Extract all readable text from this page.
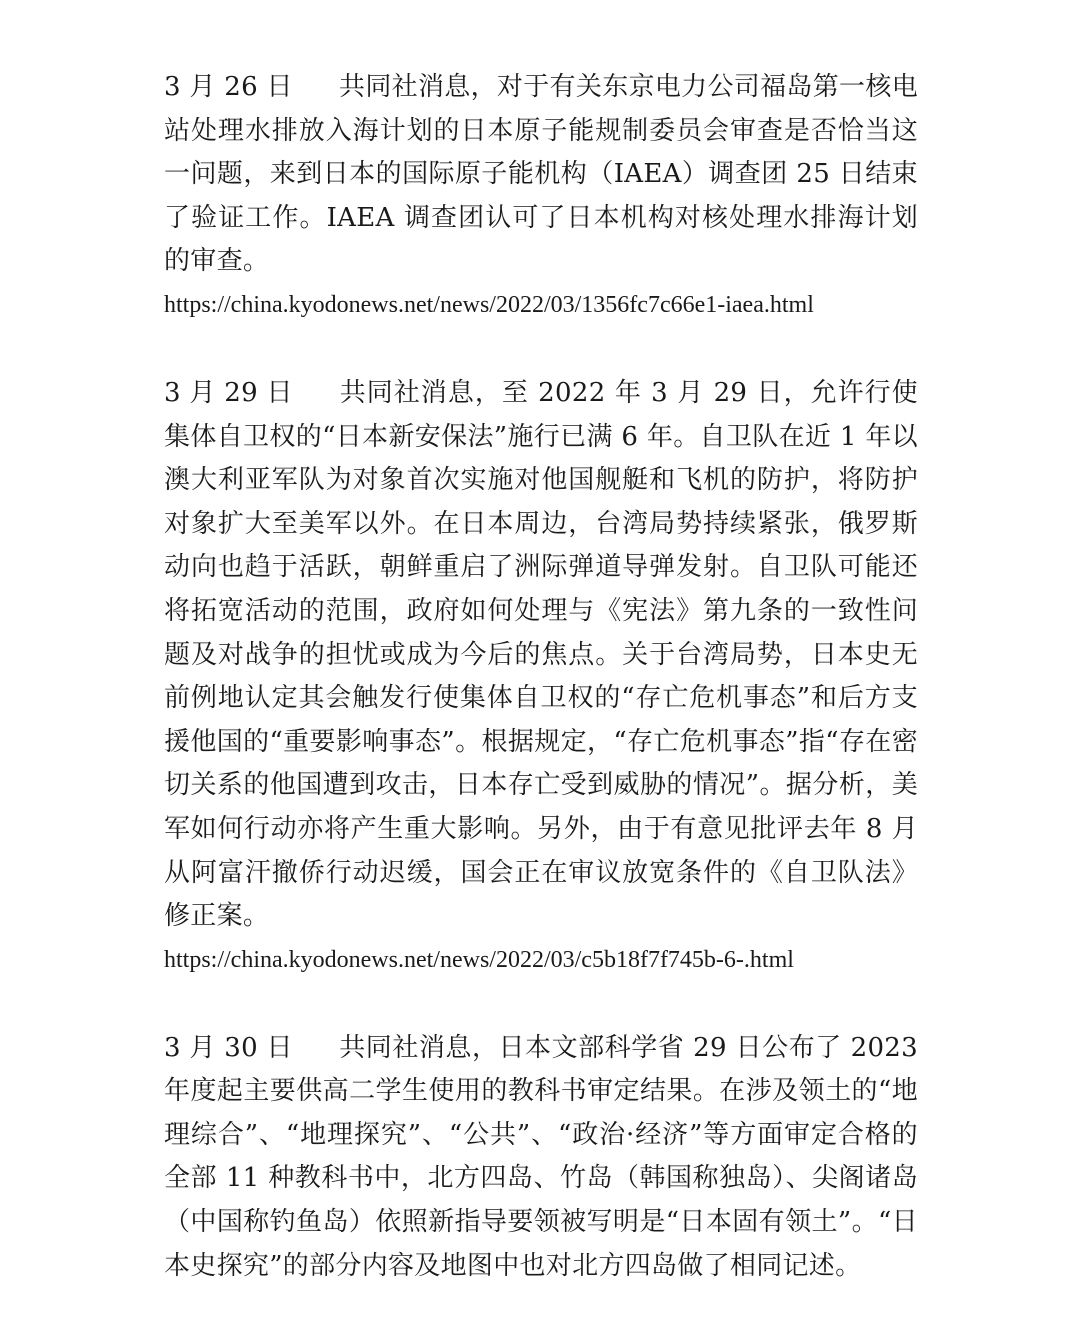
3 月 26 日 共同社消息，对于有关东京电力公司福岛第一核电站处理水排放入海计划的日本原子能规制委员会审查是否恰当这一问题，来到日本的国际原子能机构（IAEA）调查团 25 日结束了验证工作。IAEA 调查团认可了日本机构对核处理水排海计划的审查。

https://china.kyodonews.net/news/2022/03/1356fc7c66e1-iaea.html

3 月 29 日 共同社消息，至 2022 年 3 月 29 日，允许行使集体自卫权的“日本新安保法”施行已满 6 年。自卫队在近 1 年以澳大利亚军队为对象首次实施对他国舰艇和飞机的防护，将防护对象扩大至美军以外。在日本周边，台湾局势持续紧张，俄罗斯动向也趋于活跃，朝鲜重启了洲际弹道导弹发射。自卫队可能还将拓宽活动的范围，政府如何处理与《宪法》第九条的一致性问题及对战争的担忧或成为今后的焦点。关于台湾局势，日本史无前例地认定其会触发行使集体自卫权的“存亡危机事态”和后方支援他国的“重要影响事态”。根据规定，“存亡危机事态”指“存在密切关系的他国遭到攻击，日本存亡受到威胁的情况”。据分析，美军如何行动亦将产生重大影响。另外，由于有意见批评去年 8 月从阿富汗撤侨行动迟缓，国会正在审议放宽条件的《自卫队法》修正案。

https://china.kyodonews.net/news/2022/03/c5b18f7f745b-6-.html

3 月 30 日 共同社消息，日本文部科学省 29 日公布了 2023 年度起主要供高二学生使用的教科书审定结果。在涉及领土的“地理综合”、“地理探究”、“公共”、“政治·经济”等方面审定合格的全部 11 种教科书中，北方四岛、竹岛（韩国称独岛）、尖阁诸岛（中国称钓鱼岛）依照新指导要领被写明是“日本固有领土”。“日本史探究”的部分内容及地图中也对北方四岛做了相同记述。
